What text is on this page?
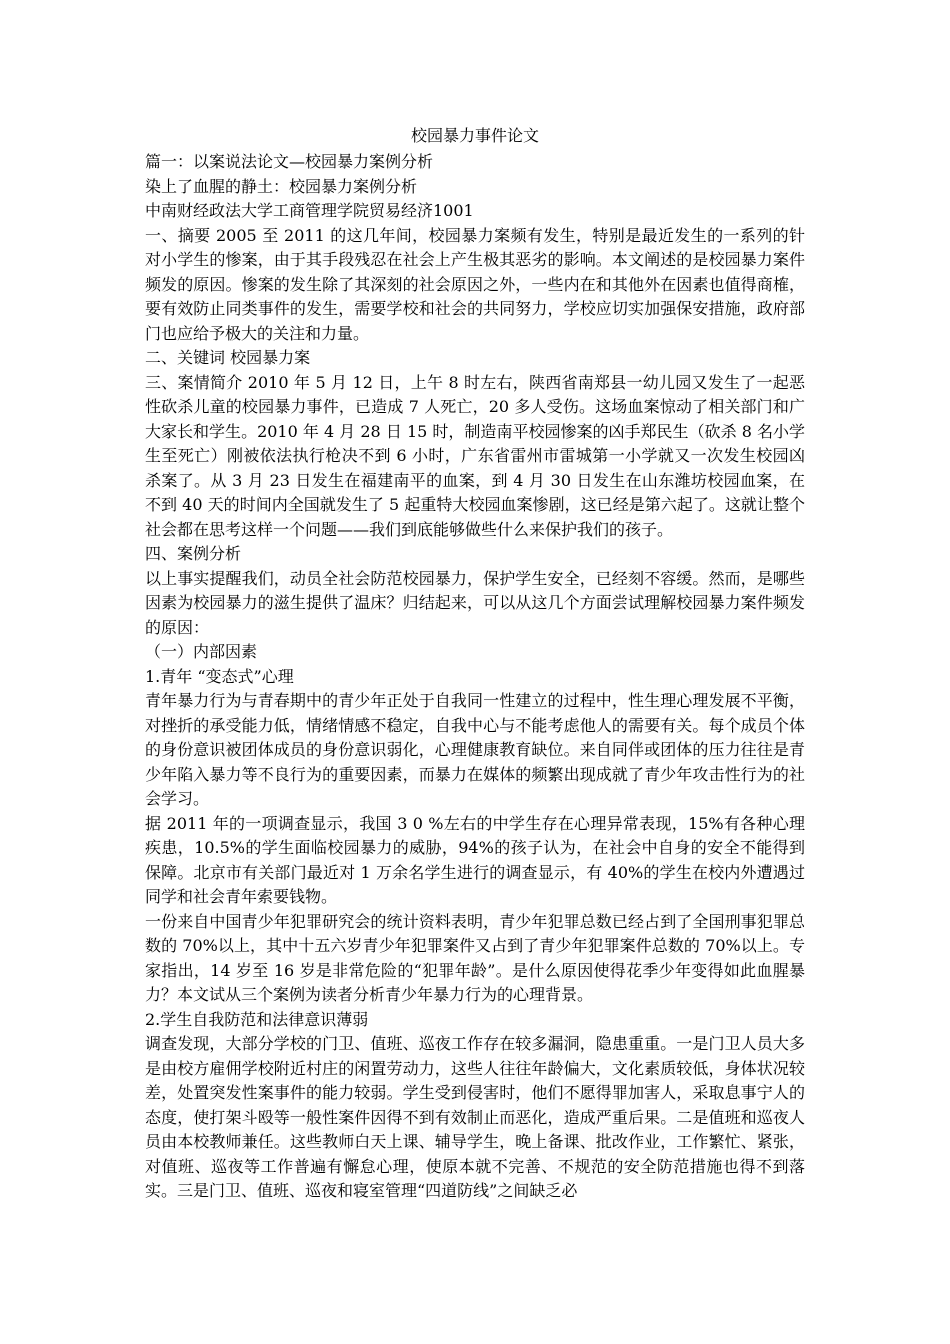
校园暴力事件论文

篇一：以案说法论文—校园暴力案例分析

染上了血腥的静土：校园暴力案例分析

中南财经政法大学工商管理学院贸易经济1001

一、摘要 2005 至 2011 的这几年间，校园暴力案频有发生，特别是最近发生的一系列的针对小学生的惨案，由于其手段残忍在社会上产生极其恶劣的影响。本文阐述的是校园暴力案件频发的原因。惨案的发生除了其深刻的社会原因之外，一些内在和其他外在因素也值得商榷，要有效防止同类事件的发生，需要学校和社会的共同努力，学校应切实加强保安措施，政府部门也应给予极大的关注和力量。

二、关键词 校园暴力案

三、案情简介 2010 年 5 月 12 日，上午 8 时左右，陕西省南郑县一幼儿园又发生了一起恶性砍杀儿童的校园暴力事件，已造成 7 人死亡，20 多人受伤。这场血案惊动了相关部门和广大家长和学生。2010 年 4 月 28 日 15 时，制造南平校园惨案的凶手郑民生（砍杀 8 名小学生至死亡）刚被依法执行枪决不到 6 小时，广东省雷州市雷城第一小学就又一次发生校园凶杀案了。从 3 月 23 日发生在福建南平的血案，到 4 月 30 日发生在山东潍坊校园血案，在不到 40 天的时间内全国就发生了 5 起重特大校园血案惨剧，这已经是第六起了。这就让整个社会都在思考这样一个问题——我们到底能够做些什么来保护我们的孩子。

四、案例分析

以上事实提醒我们，动员全社会防范校园暴力，保护学生安全，已经刻不容缓。然而，是哪些因素为校园暴力的滋生提供了温床？归结起来，可以从这几个方面尝试理解校园暴力案件频发的原因：

（一）内部因素

1.青年 “变态式”心理

青年暴力行为与青春期中的青少年正处于自我同一性建立的过程中，性生理心理发展不平衡，对挫折的承受能力低，情绪情感不稳定，自我中心与不能考虑他人的需要有关。每个成员个体的身份意识被团体成员的身份意识弱化，心理健康教育缺位。来自同伴或团体的压力往往是青少年陷入暴力等不良行为的重要因素，而暴力在媒体的频繁出现成就了青少年攻击性行为的社会学习。

据 2011 年的一项调查显示，我国 3 0 %左右的中学生存在心理异常表现，15%有各种心理疾患，10.5%的学生面临校园暴力的威胁，94%的孩子认为，在社会中自身的安全不能得到保障。北京市有关部门最近对 1 万余名学生进行的调查显示，有 40%的学生在校内外遭遇过同学和社会青年索要钱物。

一份来自中国青少年犯罪研究会的统计资料表明，青少年犯罪总数已经占到了全国刑事犯罪总数的 70%以上，其中十五六岁青少年犯罪案件又占到了青少年犯罪案件总数的 70%以上。专家指出，14 岁至 16 岁是非常危险的“犯罪年龄”。是什么原因使得花季少年变得如此血腥暴力？本文试从三个案例为读者分析青少年暴力行为的心理背景。

2.学生自我防范和法律意识薄弱

调查发现，大部分学校的门卫、值班、巡夜工作存在较多漏洞，隐患重重。一是门卫人员大多是由校方雇佣学校附近村庄的闲置劳动力，这些人往往年龄偏大，文化素质较低，身体状况较差，处置突发性案事件的能力较弱。学生受到侵害时，他们不愿得罪加害人，采取息事宁人的态度，使打架斗殴等一般性案件因得不到有效制止而恶化，造成严重后果。二是值班和巡夜人员由本校教师兼任。这些教师白天上课、辅导学生，晚上备课、批改作业，工作繁忙、紧张，对值班、巡夜等工作普遍有懈怠心理，使原本就不完善、不规范的安全防范措施也得不到落实。三是门卫、值班、巡夜和寝室管理“四道防线”之间缺乏必
